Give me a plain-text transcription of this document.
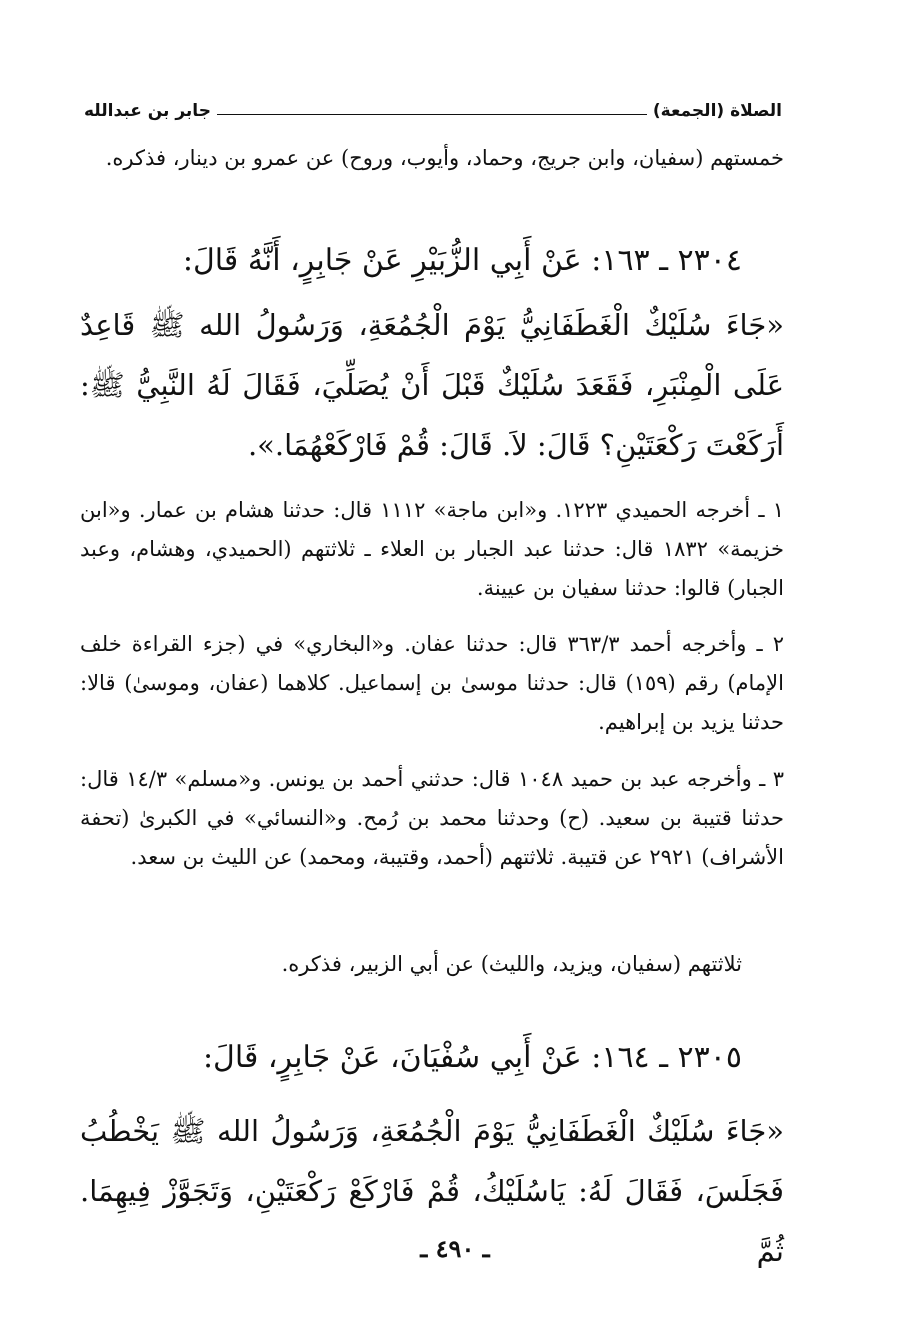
الصلاة (الجمعة)
جابر بن عبدالله

خمستهم (سفيان، وابن جريج، وحماد، وأيوب، وروح) عن عمرو بن دينار، فذكره.

٢٣٠٤ ـ ١٦٣: عَنْ أَبِي الزُّبَيْرِ عَنْ جَابِرٍ، أَنَّهُ قَالَ:

«جَاءَ سُلَيْكٌ الْغَطَفَانِيُّ يَوْمَ الْجُمُعَةِ، وَرَسُولُ الله ﷺ قَاعِدٌ عَلَى الْمِنْبَرِ، فَقَعَدَ سُلَيْكٌ قَبْلَ أَنْ يُصَلِّيَ، فَقَالَ لَهُ النَّبِيُّ ﷺ: أَرَكَعْتَ رَكْعَتَيْنِ؟ قَالَ: لاَ. قَالَ: قُمْ فَارْكَعْهُمَا.».

١ ـ أخرجه الحميدي ١٢٢٣. و«ابن ماجة» ١١١٢ قال: حدثنا هشام بن عمار. و«ابن خزيمة» ١٨٣٢ قال: حدثنا عبد الجبار بن العلاء ـ ثلاثتهم (الحميدي، وهشام، وعبد الجبار) قالوا: حدثنا سفيان بن عيينة.

٢ ـ وأخرجه أحمد ٣٦٣/٣ قال: حدثنا عفان. و«البخاري» في (جزء القراءة خلف الإمام) رقم (١٥٩) قال: حدثنا موسىٰ بن إسماعيل. كلاهما (عفان، وموسىٰ) قالا: حدثنا يزيد بن إبراهيم.

٣ ـ وأخرجه عبد بن حميد ١٠٤٨ قال: حدثني أحمد بن يونس. و«مسلم» ١٤/٣ قال: حدثنا قتيبة بن سعيد. (ح) وحدثنا محمد بن رُمح. و«النسائي» في الكبرىٰ (تحفة الأشراف) ٢٩٢١ عن قتيبة. ثلاثتهم (أحمد، وقتيبة، ومحمد) عن الليث بن سعد.

ثلاثتهم (سفيان، ويزيد، والليث) عن أبي الزبير، فذكره.

٢٣٠٥ ـ ١٦٤: عَنْ أَبِي سُفْيَانَ، عَنْ جَابِرٍ، قَالَ:

«جَاءَ سُلَيْكٌ الْغَطَفَانِيُّ يَوْمَ الْجُمُعَةِ، وَرَسُولُ الله ﷺ يَخْطُبُ فَجَلَسَ، فَقَالَ لَهُ: يَاسُلَيْكُ، قُمْ فَارْكَعْ رَكْعَتَيْنِ، وَتَجَوَّزْ فِيهِمَا. ثُمَّ

ـ ٤٩٠ ـ
